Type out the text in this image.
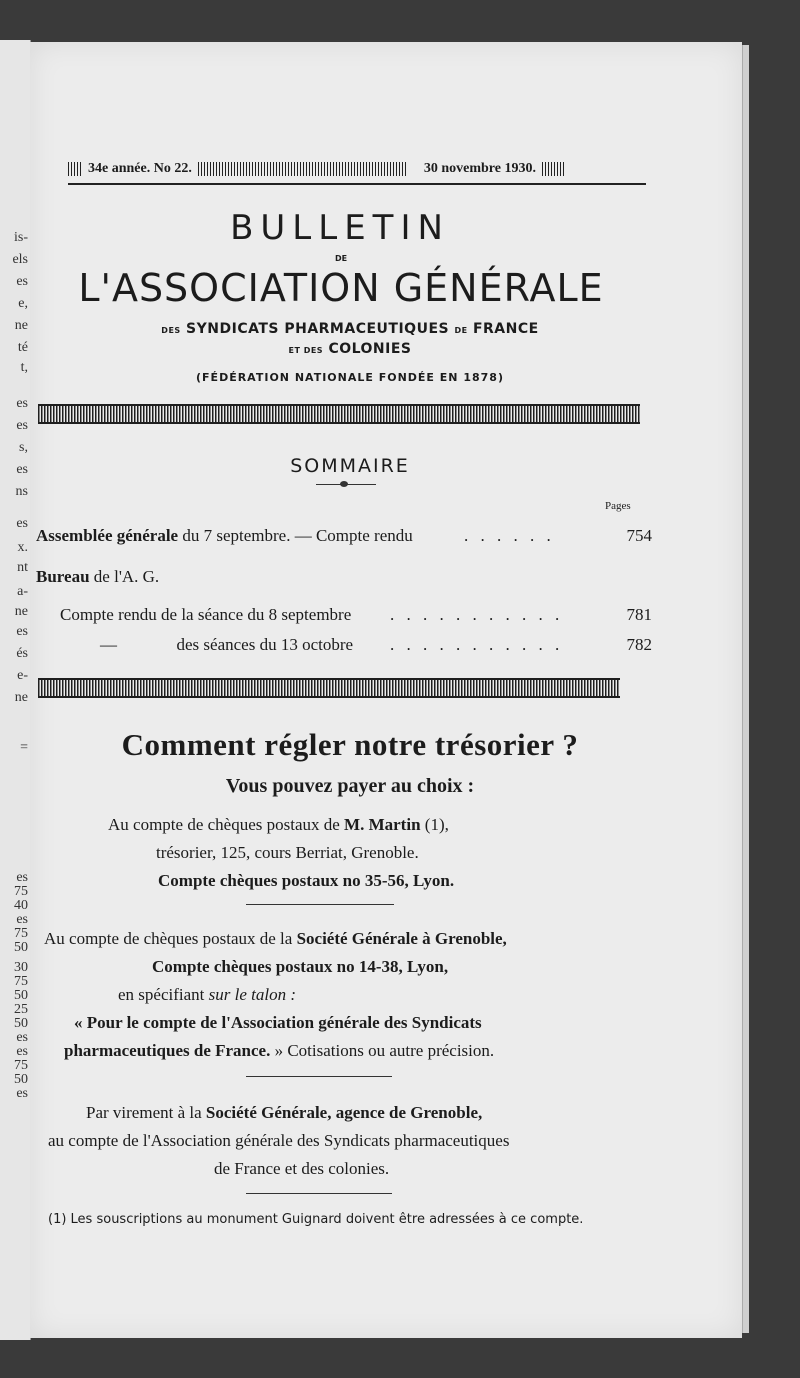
is-
els
es
e,
ne
té
t,
es
es
s,
es
ns
es
x.
nt
a-
ne
es
és
e-
ne
=
es
75
40
es
75
50
30
75
50
25
50
es
es
75
50
es
34e année. No 22.	30 novembre 1930.
BULLETIN
DE
L'ASSOCIATION GÉNÉRALE
DES SYNDICATS PHARMACEUTIQUES DE FRANCE
ET DES COLONIES
(FÉDÉRATION NATIONALE FONDÉE EN 1878)
SOMMAIRE
Pages
Assemblée générale du 7 septembre. — Compte rendu	. . . . . .	754
Bureau de l'A. G.
Compte rendu de la séance du 8 septembre . . . . . . . . . . .	781
—              des séances du 13 octobre . . . . . . . . . . .	782
Comment régler notre trésorier ?
Vous pouvez payer au choix :
Au compte de chèques postaux de M. Martin (1),
trésorier, 125, cours Berriat, Grenoble.
Compte chèques postaux no 35-56, Lyon.
Au compte de chèques postaux de la Société Générale à Grenoble,
Compte chèques postaux no 14-38, Lyon,
en spécifiant sur le talon :
« Pour le compte de l'Association générale des Syndicats
pharmaceutiques de France. » Cotisations ou autre précision.
Par virement à la Société Générale, agence de Grenoble,
au compte de l'Association générale des Syndicats pharmaceutiques
de France et des colonies.
(1) Les souscriptions au monument Guignard doivent être adressées à ce compte.
